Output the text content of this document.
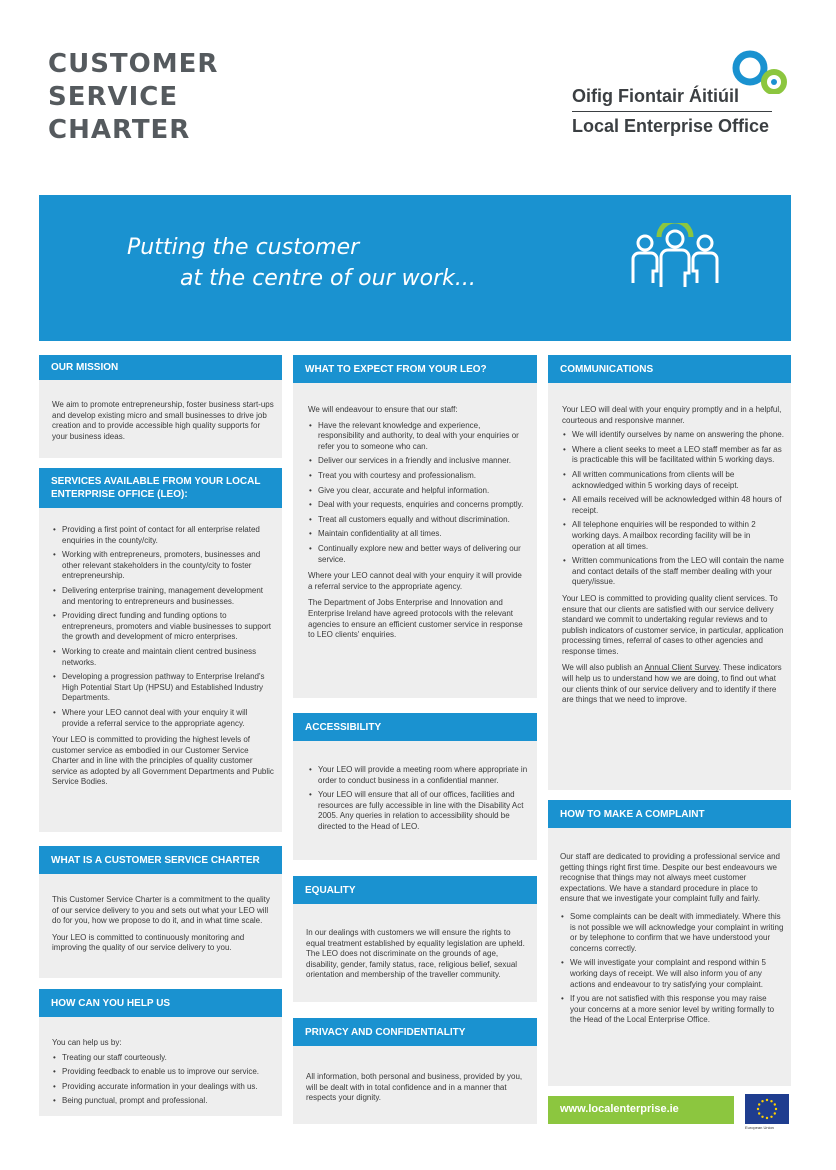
CUSTOMER
SERVICE
CHARTER
Oifig Fiontair Áitiúil
Local Enterprise Office
Putting the customer
at the centre of our work...
OUR MISSION
We aim to promote entrepreneurship, foster business start-ups and develop existing micro and small businesses to drive job creation and to provide accessible high quality supports for your business ideas.
SERVICES AVAILABLE FROM YOUR LOCAL ENTERPRISE OFFICE (LEO):
• Providing a first point of contact for all enterprise related enquiries in the county/city.
• Working with entrepreneurs, promoters, businesses and other relevant stakeholders in the county/city to foster entrepreneurship.
• Delivering enterprise training, management development and mentoring to entrepreneurs and businesses.
• Providing direct funding and funding options to entrepreneurs, promoters and viable businesses to support the growth and development of micro enterprises.
• Working to create and maintain client centred business networks.
• Developing a progression pathway to Enterprise Ireland's High Potential Start Up (HPSU) and Established Industry Departments.
• Where your LEO cannot deal with your enquiry it will provide a referral service to the appropriate agency.

Your LEO is committed to providing the highest levels of customer service as embodied in our Customer Service Charter and in line with the principles of quality customer service as adopted by all Government Departments and Public Service Bodies.

WHAT IS A CUSTOMER SERVICE CHARTER

This Customer Service Charter is a commitment to the quality of our service delivery to you and sets out what your LEO will do for you, how we propose to do it, and in what time scale.

Your LEO is committed to continuously monitoring and improving the quality of our service delivery to you.

HOW CAN YOU HELP US

You can help us by:

• Treating our staff courteously.
• Providing feedback to enable us to improve our service.
• Providing accurate information in your dealings with us.
• Being punctual, prompt and professional.
WHAT TO EXPECT FROM YOUR LEO?

We will endeavour to ensure that our staff:

• Have the relevant knowledge and experience, responsibility and authority, to deal with your enquiries or refer you to someone who can.
• Deliver our services in a friendly and inclusive manner.
• Treat you with courtesy and professionalism.
• Give you clear, accurate and helpful information.
• Deal with your requests, enquiries and concerns promptly.
• Treat all customers equally and without discrimination.
• Maintain confidentiality at all times.
• Continually explore new and better ways of delivering our service.

Where your LEO cannot deal with your enquiry it will provide a referral service to the appropriate agency.

The Department of Jobs Enterprise and Innovation and Enterprise Ireland have agreed protocols with the relevant agencies to ensure an efficient customer service in response to LEO clients' enquiries.

ACCESSIBILITY
• Your LEO will provide a meeting room where appropriate in order to conduct business in a confidential manner.
• Your LEO will ensure that all of our offices, facilities and resources are fully accessible in line with the Disability Act 2005. Any queries in relation to accessibility should be directed to the Head of LEO.
EQUALITY
In our dealings with customers we will ensure the rights to equal treatment established by equality legislation are upheld. The LEO does not discriminate on the grounds of age, disability, gender, family status, race, religious belief, sexual orientation and membership of the traveller community.
PRIVACY AND CONFIDENTIALITY
All information, both personal and business, provided by you, will be dealt with in total confidence and in a manner that respects your dignity.
COMMUNICATIONS

Your LEO will deal with your enquiry promptly and in a helpful, courteous and responsive manner.

• We will identify ourselves by name on answering the phone.
• Where a client seeks to meet a LEO staff member as far as is practicable this will be facilitated within 5 working days.
• All written communications from clients will be acknowledged within 5 working days of receipt.
• All emails received will be acknowledged within 48 hours of receipt.
• All telephone enquiries will be responded to within 2 working days. A mailbox recording facility will be in operation at all times.
• Written communications from the LEO will contain the name and contact details of the staff member dealing with your query/issue.

Your LEO is committed to providing quality client services. To ensure that our clients are satisfied with our service delivery standard we commit to undertaking regular reviews and to publish indicators of customer service, in particular, application processing times, referral of cases to other agencies and response times.

We will also publish an Annual Client Survey. These indicators will help us to understand how we are doing, to find out what our clients think of our service delivery and to identify if there are things that we need to improve.

HOW TO MAKE A COMPLAINT

Our staff are dedicated to providing a professional service and getting things right first time. Despite our best endeavours we recognise that things may not always meet customer expectations. We have a standard procedure in place to ensure that we investigate your complaint fully and fairly.

• Some complaints can be dealt with immediately. Where this is not possible we will acknowledge your complaint in writing or by telephone to confirm that we have understood your concerns correctly.
• We will investigate your complaint and respond within 5 working days of receipt. We will also inform you of any actions and endeavour to try satisfying your complaint.
• If you are not satisfied with this response you may raise your concerns at a more senior level by writing formally to the Head of the Local Enterprise Office.
www.localenterprise.ie
European Union
